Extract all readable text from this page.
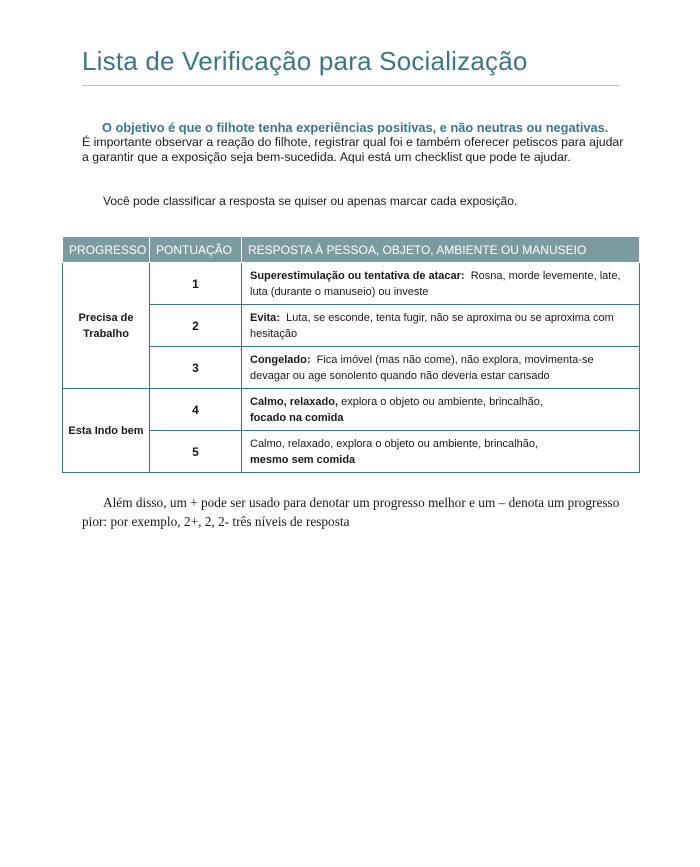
Lista de Verificação para Socialização
O objetivo é que o filhote tenha experiências positivas, e não neutras ou negativas.
É importante observar a reação do filhote, registrar qual foi e também oferecer petiscos para ajudar a garantir que a exposição seja bem-sucedida. Aqui está um checklist que pode te ajudar.
Você pode classificar a resposta se quiser ou apenas marcar cada exposição.
PROGRESSO	PONTUAÇÃO	RESPOSTA À PESSOA, OBJETO, AMBIENTE OU MANUSEIO
Precisa de Trabalho	1	Superestimulação ou tentativa de atacar: Rosna, morde levemente, late, luta (durante o manuseio) ou investe
	2	Evita: Luta, se esconde, tenta fugir, não se aproxima ou se aproxima com hesitação
	3	Congelado: Fica imóvel (mas não come), não explora, movimenta-se devagar ou age sonolento quando não deveria estar cansado
Esta Indo bem	4	Calmo, relaxado, explora o objeto ou ambiente, brincalhão,
focado na comida
	5	Calmo, relaxado, explora o objeto ou ambiente, brincalhão,
mesmo sem comida

Além disso, um + pode ser usado para denotar um progresso melhor e um – denota um progresso pior: por exemplo, 2+, 2, 2- três níveis de resposta
